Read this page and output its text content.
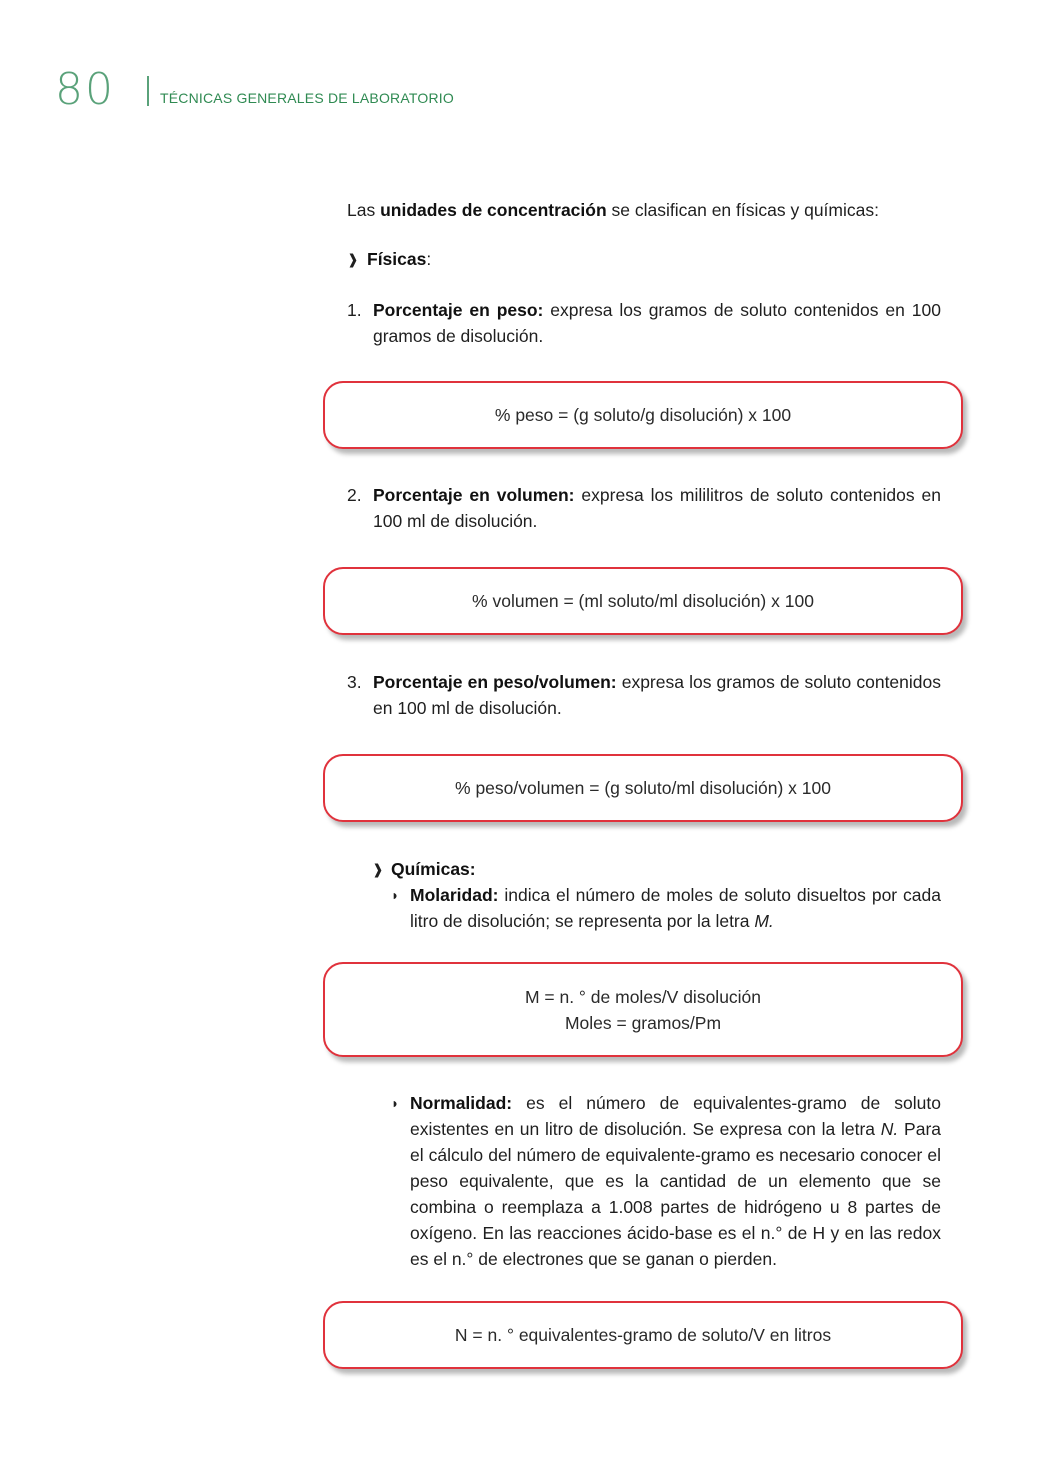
80	TÉCNICAS GENERALES DE LABORATORIO

Las unidades de concentración se clasifican en físicas y químicas:

❱ Físicas:

1. Porcentaje en peso: expresa los gramos de soluto contenidos en 100 gramos de disolución.

% peso = (g soluto/g disolución) x 100
2. Porcentaje en volumen: expresa los mililitros de soluto contenidos en 100 ml de disolución.

% volumen = (ml soluto/ml disolución) x 100
3. Porcentaje en peso/volumen: expresa los gramos de soluto contenidos en 100 ml de disolución.

% peso/volumen = (g soluto/ml disolución) x 100
❱ Químicas:

◗ Molaridad: indica el número de moles de soluto disueltos por cada litro de disolución; se representa por la letra M.

M = n. ° de moles/V disolución
Moles = gramos/Pm
◗ Normalidad: es el número de equivalentes-gramo de soluto existentes en un litro de disolución. Se expresa con la letra N. Para el cálculo del número de equivalente-gramo es necesario conocer el peso equivalente, que es la cantidad de un elemento que se combina o reemplaza a 1.008 partes de hidrógeno u 8 partes de oxígeno. En las reacciones ácido-base es el n.° de H y en las redox es el n.° de electrones que se ganan o pierden.

N = n. ° equivalentes-gramo de soluto/V en litros
